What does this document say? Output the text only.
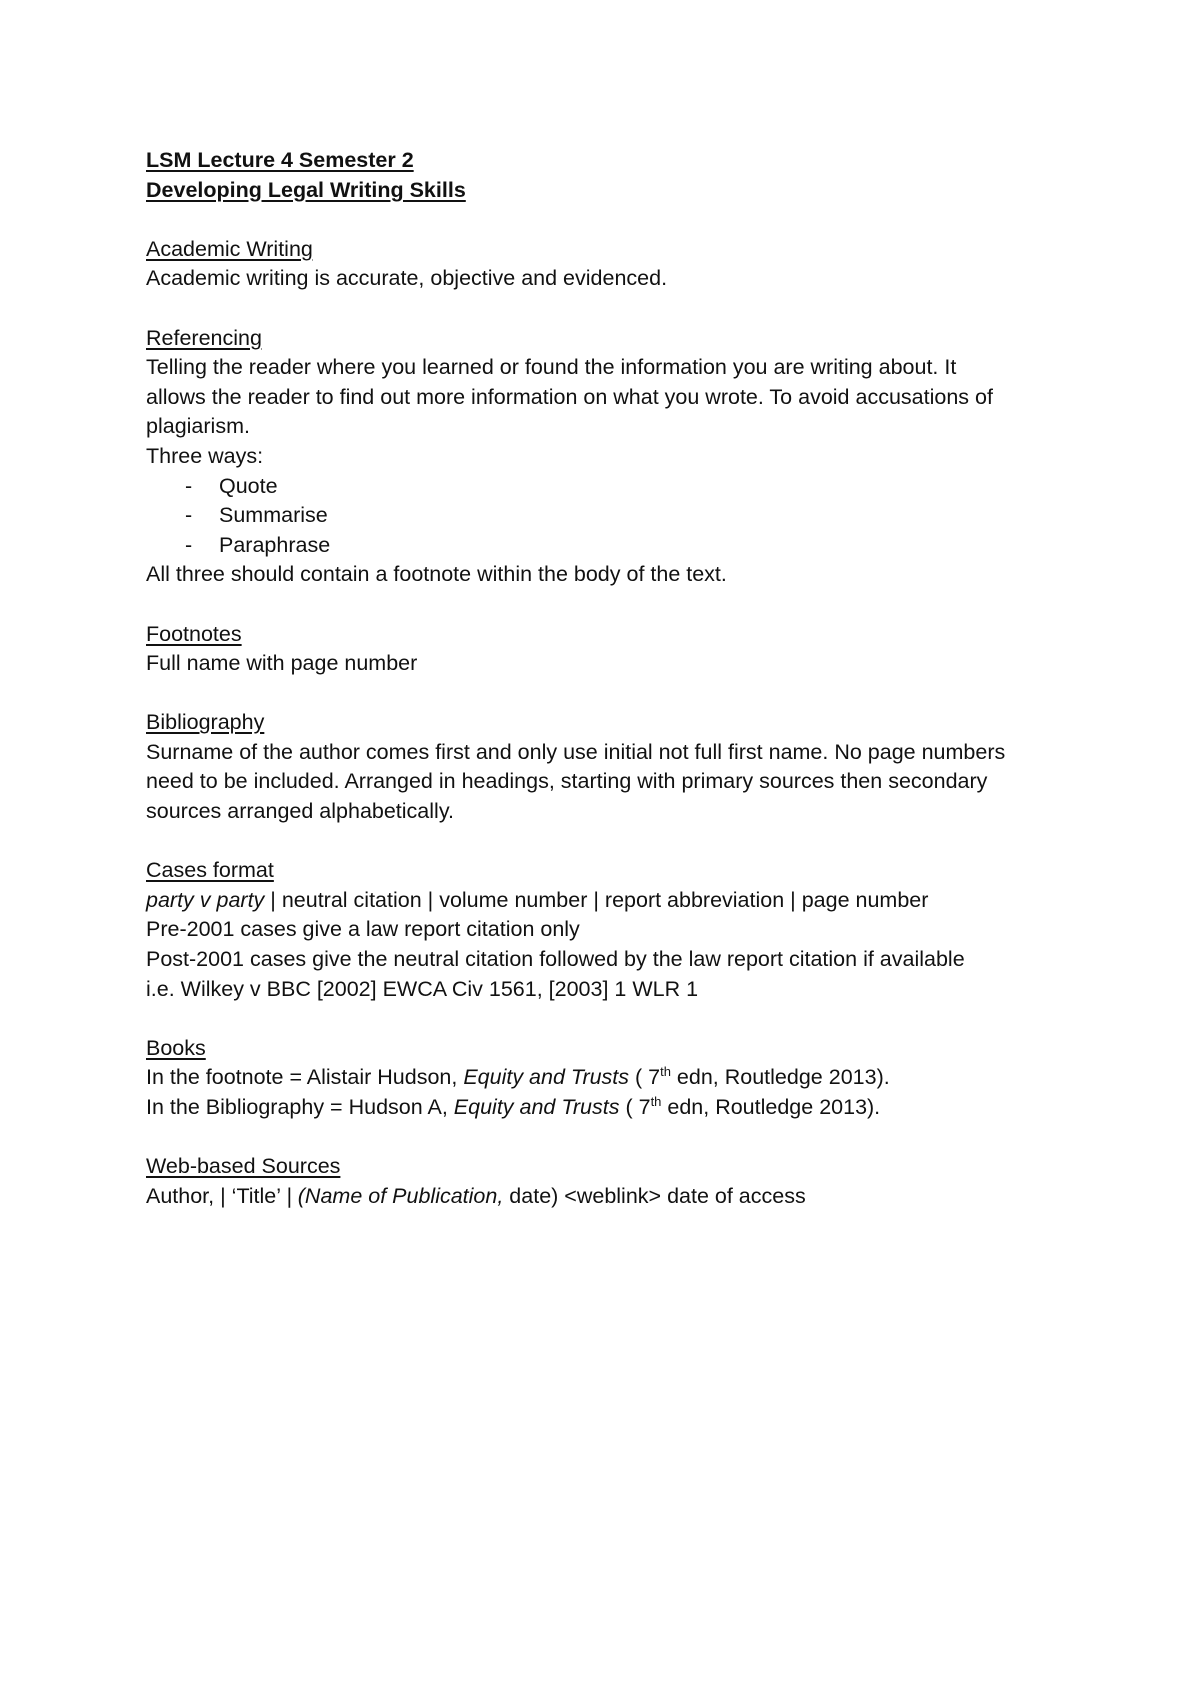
LSM Lecture 4 Semester 2
Developing Legal Writing Skills
Academic Writing
Academic writing is accurate, objective and evidenced.
Referencing
Telling the reader where you learned or found the information you are writing about. It
allows the reader to find out more information on what you wrote. To avoid accusations of
plagiarism.
Three ways:
-	Quote
-	Summarise
-	Paraphrase
All three should contain a footnote within the body of the text.
Footnotes
Full name with page number
Bibliography
Surname of the author comes first and only use initial not full first name. No page numbers
need to be included. Arranged in headings, starting with primary sources then secondary
sources arranged alphabetically.
Cases format
party v party | neutral citation | volume number | report abbreviation | page number
Pre-2001 cases give a law report citation only
Post-2001 cases give the neutral citation followed by the law report citation if available
i.e. Wilkey v BBC [2002] EWCA Civ 1561, [2003] 1 WLR 1
Books
In the footnote = Alistair Hudson, Equity and Trusts ( 7th edn, Routledge 2013).
In the Bibliography = Hudson A, Equity and Trusts ( 7th edn, Routledge 2013).
Web-based Sources
Author, | ‘Title’ | (Name of Publication, date) <weblink> date of access
